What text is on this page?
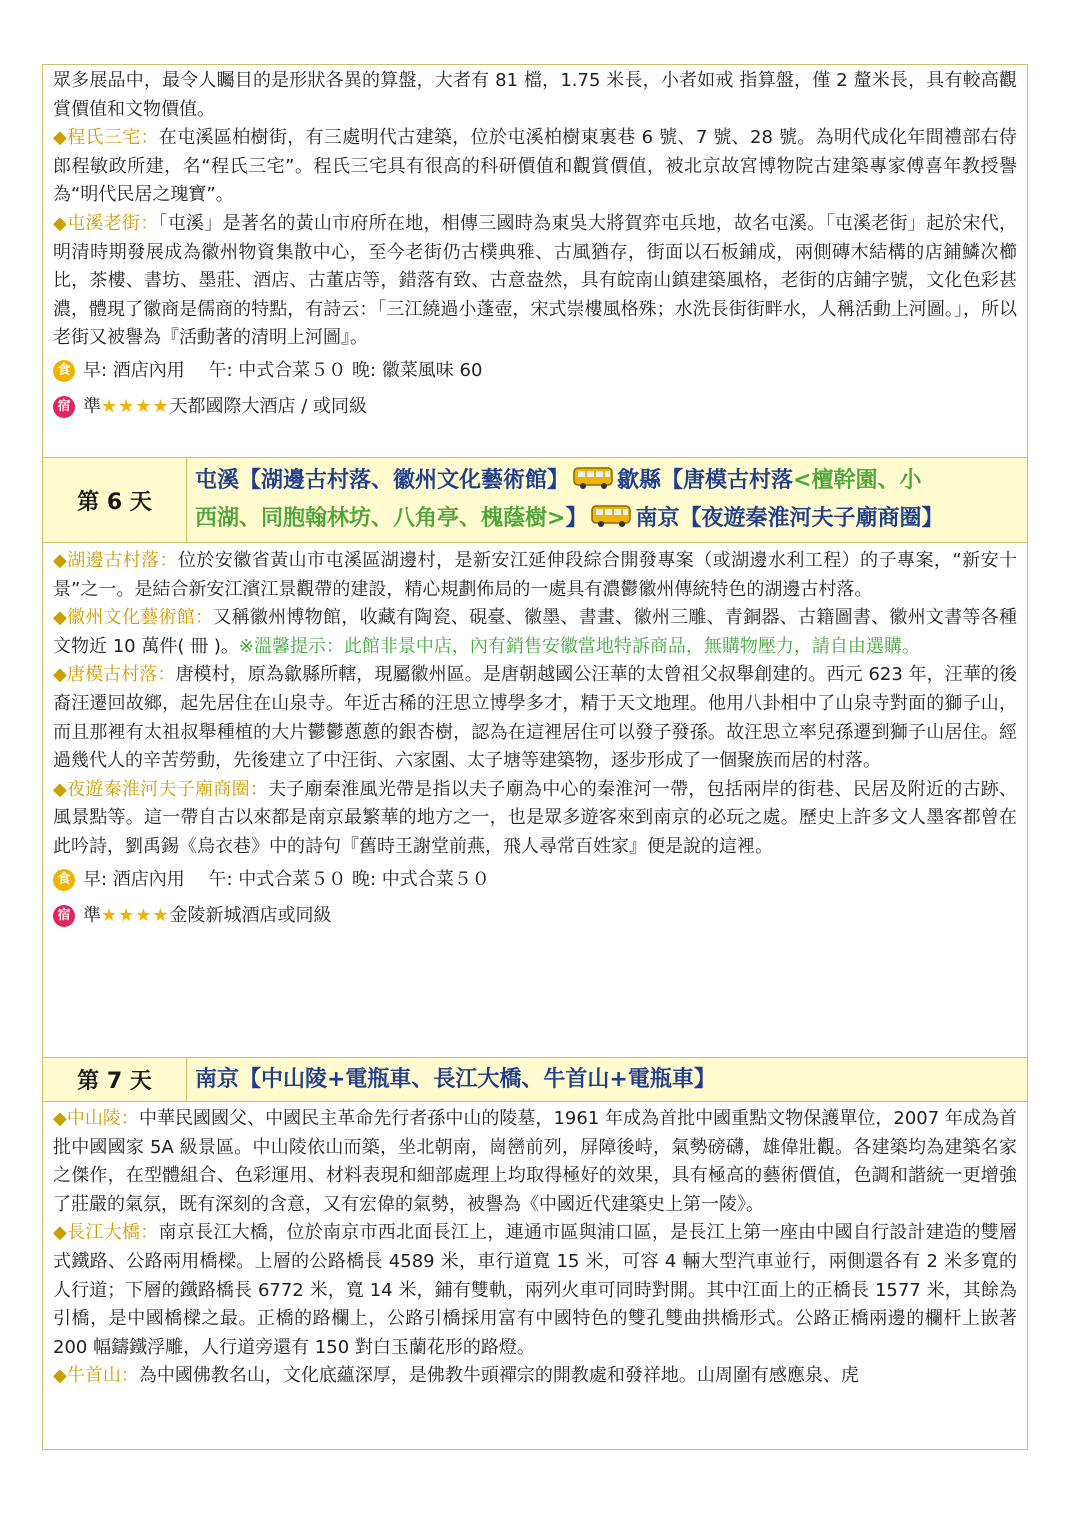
眾多展品中，最令人矚目的是形狀各異的算盤，大者有 81 檔，1.75 米長，小者如戒 指算盤，僅 2 釐米長，具有較高觀賞價值和文物價值。

◆程氏三宅：在屯溪區柏樹街，有三處明代古建築，位於屯溪柏樹東裏巷 6 號、7 號、28 號。為明代成化年間禮部右侍郎程敏政所建，名“程氏三宅”。程氏三宅具有很高的科研價值和觀賞價值，被北京故宮博物院古建築專家傅喜年教授譽為“明代民居之瑰寶”。

◆屯溪老街：「屯溪」是著名的黃山市府所在地，相傳三國時為東吳大將賀弈屯兵地，故名屯溪。「屯溪老街」起於宋代，明清時期發展成為徽州物資集散中心，至今老街仍古樸典雅、古風猶存，街面以石板鋪成，兩側磚木結構的店鋪鱗次櫛比，茶樓、書坊、墨莊、酒店、古董店等，錯落有致、古意盎然，具有皖南山鎮建築風格，老街的店鋪字號，文化色彩甚濃，體現了徽商是儒商的特點，有詩云：「三江繞過小蓬壺，宋式崇樓風格殊；水洗長街街畔水，人稱活動上河圖。」，所以老街又被譽為『活動著的清明上河圖』。

食 早: 酒店內用　 午: 中式合菜５０ 晚: 徽菜風味 60
宿 準 ★★★★ 天都國際大酒店 / 或同級
第 6 天
屯溪【湖邊古村落、徽州文化藝術館】 歙縣【唐模古村落<檀幹園、小
西湖、同胞翰林坊、八角亭、槐蔭樹>】 南京【夜遊秦淮河夫子廟商圈】

◆湖邊古村落：位於安徽省黃山市屯溪區湖邊村，是新安江延伸段綜合開發專案（或湖邊水利工程）的子專案，“新安十景”之一。是結合新安江濱江景觀帶的建設，精心規劃佈局的一處具有濃鬱徽州傳統特色的湖邊古村落。

◆徽州文化藝術館：又稱徽州博物館，收藏有陶瓷、硯臺、徽墨、書畫、徽州三雕、青銅器、古籍圖書、徽州文書等各種文物近 10 萬件( 冊 )。※溫馨提示：此館非景中店，內有銷售安徽當地特訴商品，無購物壓力，請自由選購。

◆唐模古村落：唐模村，原為歙縣所轄，現屬徽州區。是唐朝越國公汪華的太曾祖父叔舉創建的。西元 623 年，汪華的後裔汪遷回故鄉，起先居住在山泉寺。年近古稀的汪思立博學多才，精于天文地理。他用八卦相中了山泉寺對面的獅子山，而且那裡有太祖叔舉種植的大片鬱鬱蔥蔥的銀杏樹，認為在這裡居住可以發子發孫。故汪思立率兒孫遷到獅子山居住。經過幾代人的辛苦勞動，先後建立了中汪街、六家園、太子塘等建築物，逐步形成了一個聚族而居的村落。

◆夜遊秦淮河夫子廟商圈：夫子廟秦淮風光帶是指以夫子廟為中心的秦淮河一帶，包括兩岸的街巷、民居及附近的古跡、風景點等。這一帶自古以來都是南京最繁華的地方之一，也是眾多遊客來到南京的必玩之處。歷史上許多文人墨客都曾在此吟詩，劉禹錫《烏衣巷》中的詩句『舊時王謝堂前燕，飛人尋常百姓家』便是說的這裡。

食 早: 酒店內用　 午: 中式合菜５０ 晚: 中式合菜５０
宿 準 ★★★★ 金陵新城酒店或同級
第 7 天	南京【中山陵+電瓶車、長江大橋、牛首山+電瓶車】

◆中山陵：中華民國國父、中國民主革命先行者孫中山的陵墓，1961 年成為首批中國重點文物保護單位，2007 年成為首批中國國家 5A 級景區。中山陵依山而築，坐北朝南，崗巒前列，屏障後峙，氣勢磅礴，雄偉壯觀。各建築均為建築名家之傑作，在型體組合、色彩運用、材料表現和細部處理上均取得極好的效果，具有極高的藝術價值，色調和諧統一更增強了莊嚴的氣氛，既有深刻的含意，又有宏偉的氣勢，被譽為《中國近代建築史上第一陵》。

◆長江大橋：南京長江大橋，位於南京市西北面長江上，連通市區與浦口區，是長江上第一座由中國自行設計建造的雙層式鐵路、公路兩用橋樑。上層的公路橋長 4589 米，車行道寬 15 米，可容 4 輛大型汽車並行，兩側還各有 2 米多寬的人行道；下層的鐵路橋長 6772 米，寬 14 米，鋪有雙軌，兩列火車可同時對開。其中江面上的正橋長 1577 米，其餘為引橋，是中國橋樑之最。正橋的路欄上，公路引橋採用富有中國特色的雙孔雙曲拱橋形式。公路正橋兩邊的欄杆上嵌著 200 幅鑄鐵浮雕，人行道旁還有 150 對白玉蘭花形的路燈。

◆牛首山：為中國佛教名山，文化底蘊深厚，是佛教牛頭禪宗的開教處和發祥地。山周圍有感應泉、虎
